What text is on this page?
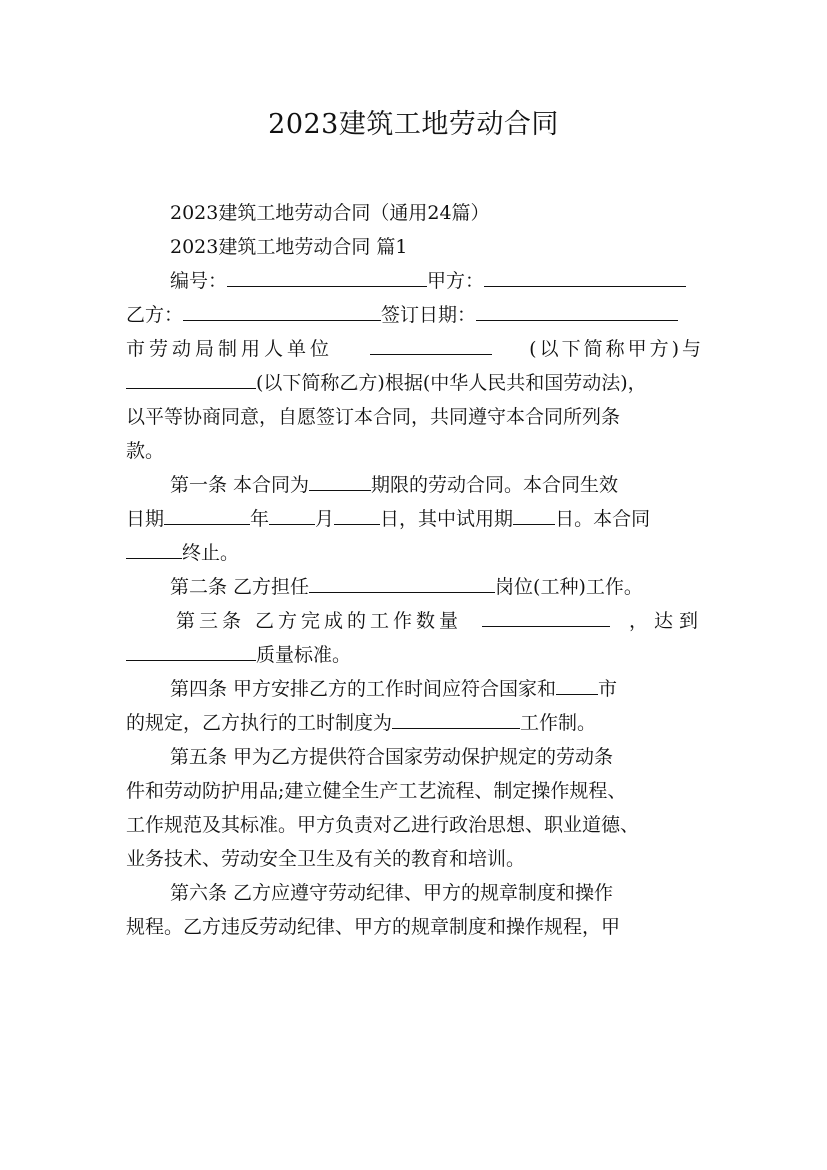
2023建筑工地劳动合同
2023建筑工地劳动合同（通用24篇）
2023建筑工地劳动合同 篇1
编号：	甲方：
乙方：	签订日期：
市劳动局制用人单位	(以下简称甲方)与
(以下简称乙方)根据(中华人民共和国劳动法)，
以平等协商同意，自愿签订本合同，共同遵守本合同所列条
款。
第一条 本合同为	期限的劳动合同。本合同生效
日期	年 月 日，其中试用期 日。本合同
终止。
第二条 乙方担任	岗位(工种)工作。
第三条 乙方完成的工作数量	，达到
质量标准。
第四条 甲方安排乙方的工作时间应符合国家和 市
的规定，乙方执行的工时制度为	工作制。
第五条 甲为乙方提供符合国家劳动保护规定的劳动条
件和劳动防护用品;建立健全生产工艺流程、制定操作规程、
工作规范及其标准。甲方负责对乙进行政治思想、职业道德、
业务技术、劳动安全卫生及有关的教育和培训。
第六条 乙方应遵守劳动纪律、甲方的规章制度和操作
规程。乙方违反劳动纪律、甲方的规章制度和操作规程，甲
